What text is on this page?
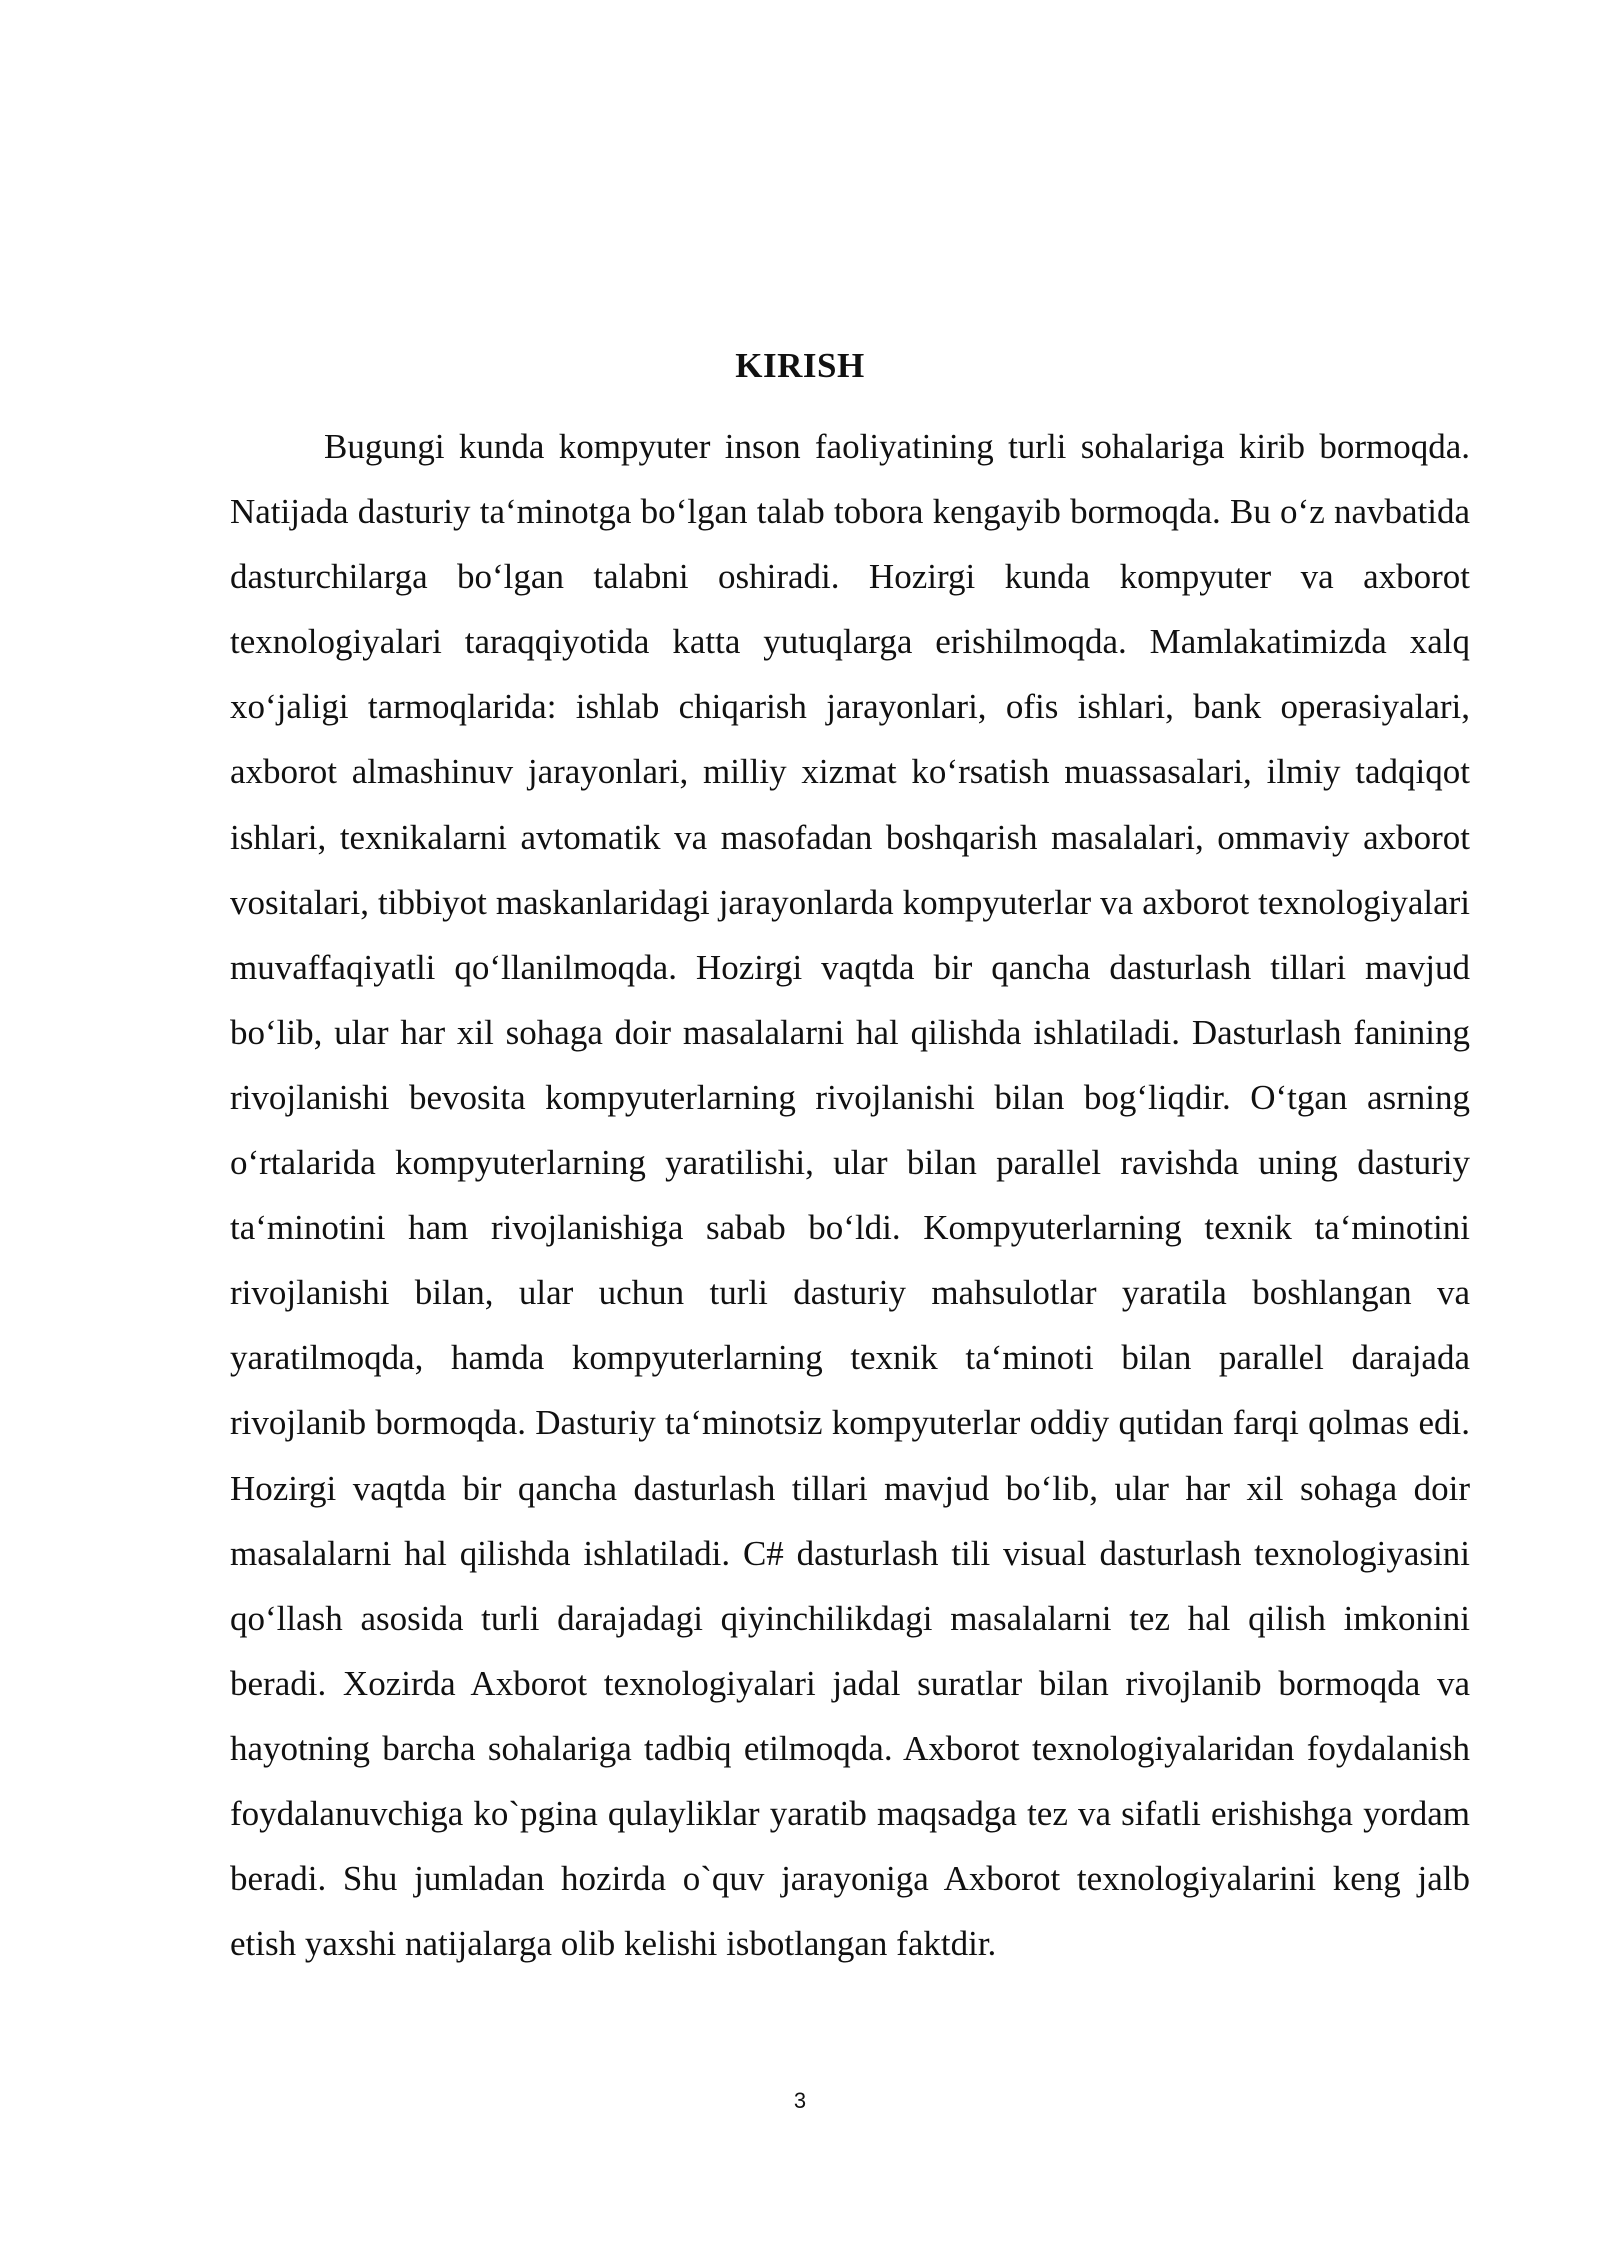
KIRISH

Bugungi kunda kompyuter inson faoliyatining turli sohalariga kirib bormoqda. Natijada dasturiy ta‘minotga bo‘lgan talab tobora kengayib bormoqda. Bu o‘z navbatida dasturchilarga bo‘lgan talabni oshiradi. Hozirgi kunda kompyuter va axborot texnologiyalari taraqqiyotida katta yutuqlarga erishilmoqda. Mamlakatimizda xalq xo‘jaligi tarmoqlarida: ishlab chiqarish jarayonlari, ofis ishlari, bank operasiyalari, axborot almashinuv jarayonlari, milliy xizmat ko‘rsatish muassasalari, ilmiy tadqiqot ishlari, texnikalarni avtomatik va masofadan boshqarish masalalari, ommaviy axborot vositalari, tibbiyot maskanlaridagi jarayonlarda kompyuterlar va axborot texnologiyalari muvaffaqiyatli qo‘llanilmoqda. Hozirgi vaqtda bir qancha dasturlash tillari mavjud bo‘lib, ular har xil sohaga doir masalalarni hal qilishda ishlatiladi. Dasturlash fanining rivojlanishi bevosita kompyuterlarning rivojlanishi bilan bog‘liqdir. O‘tgan asrning o‘rtalarida kompyuterlarning yaratilishi, ular bilan parallel ravishda uning dasturiy ta‘minotini ham rivojlanishiga sabab bo‘ldi. Kompyuterlarning texnik ta‘minotini rivojlanishi bilan, ular uchun turli dasturiy mahsulotlar yaratila boshlangan va yaratilmoqda, hamda kompyuterlarning texnik ta‘minoti bilan parallel darajada rivojlanib bormoqda. Dasturiy ta‘minotsiz kompyuterlar oddiy qutidan farqi qolmas edi. Hozirgi vaqtda bir qancha dasturlash tillari mavjud bo‘lib, ular har xil sohaga doir masalalarni hal qilishda ishlatiladi. C# dasturlash tili visual dasturlash texnologiyasini qo‘llash asosida turli darajadagi qiyinchilikdagi masalalarni tez hal qilish imkonini beradi. Xozirda Axborot texnologiyalari jadal suratlar bilan rivojlanib bormoqda va hayotning barcha sohalariga tadbiq etilmoqda. Axborot texnologiyalaridan foydalanish foydalanuvchiga ko`pgina qulayliklar yaratib maqsadga tez va sifatli erishishga yordam beradi. Shu jumladan hozirda o`quv jarayoniga Axborot texnologiyalarini keng jalb etish yaxshi natijalarga olib kelishi isbotlangan faktdir.

3
